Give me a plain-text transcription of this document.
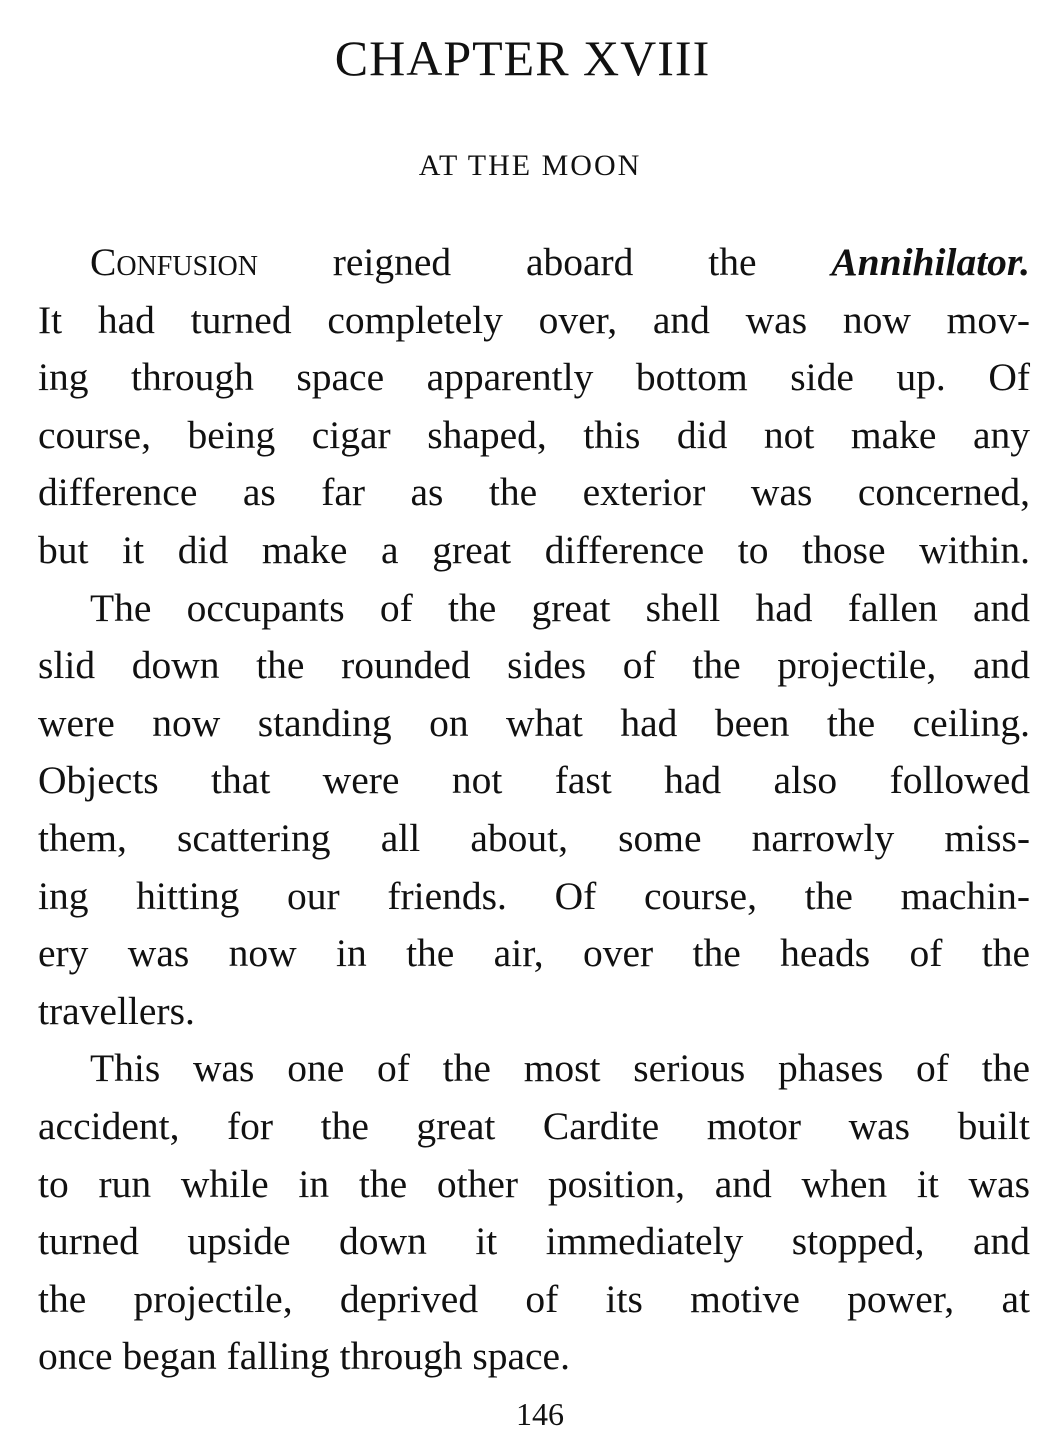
CHAPTER XVIII
AT THE MOON
Confusion reigned aboard the Annihilator.
It had turned completely over, and was now mov-
ing through space apparently bottom side up. Of
course, being cigar shaped, this did not make any
difference as far as the exterior was concerned,
but it did make a great difference to those within.
The occupants of the great shell had fallen and
slid down the rounded sides of the projectile, and
were now standing on what had been the ceiling.
Objects that were not fast had also followed
them, scattering all about, some narrowly miss-
ing hitting our friends. Of course, the machin-
ery was now in the air, over the heads of the
travellers.
This was one of the most serious phases of the
accident, for the great Cardite motor was built
to run while in the other position, and when it was
turned upside down it immediately stopped, and
the projectile, deprived of its motive power, at
once began falling through space.
146
